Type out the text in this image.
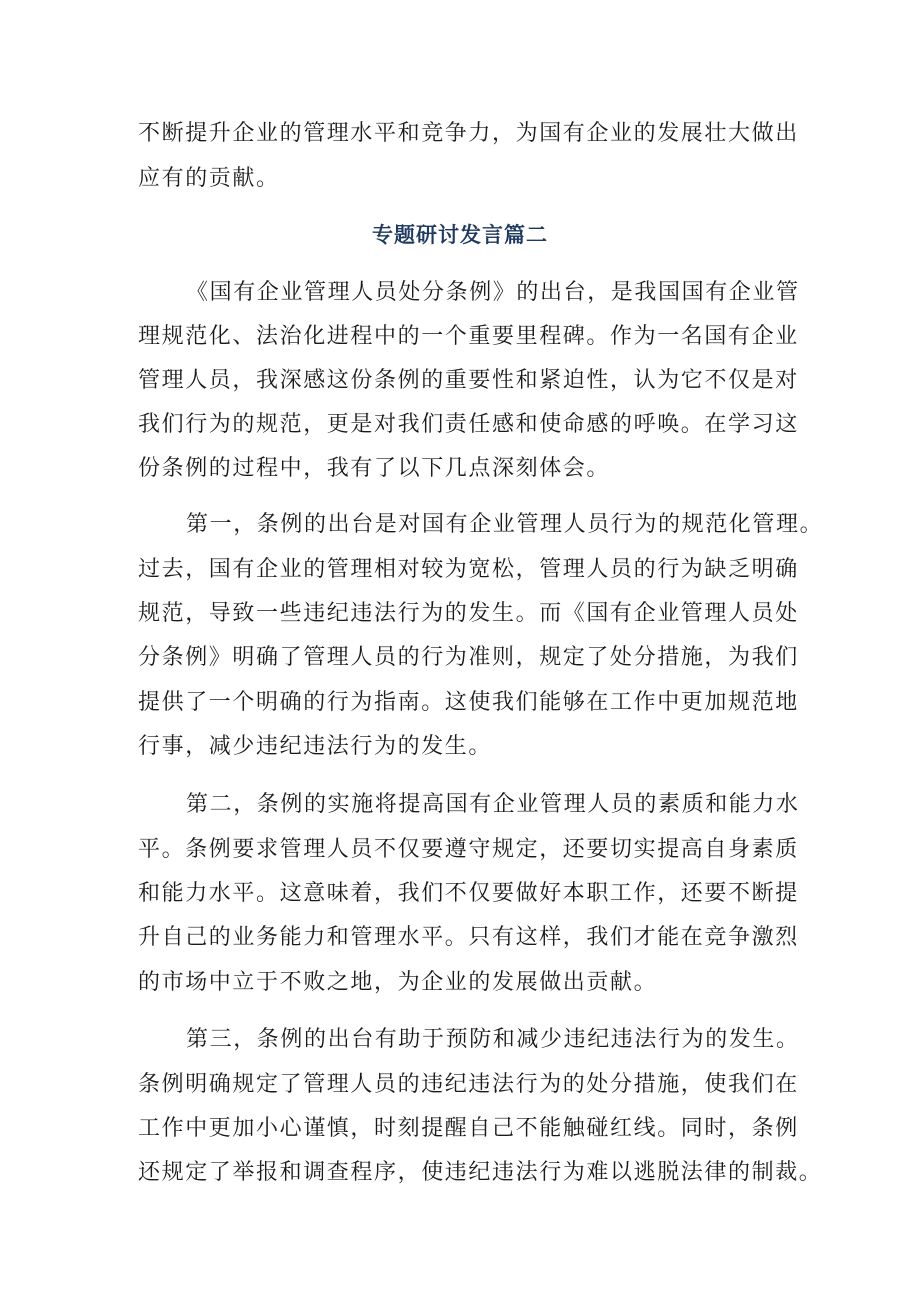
不断提升企业的管理水平和竞争力，为国有企业的发展壮大做出
应有的贡献。
专题研讨发言篇二
《国有企业管理人员处分条例》的出台，是我国国有企业管
理规范化、法治化进程中的一个重要里程碑。作为一名国有企业
管理人员，我深感这份条例的重要性和紧迫性，认为它不仅是对
我们行为的规范，更是对我们责任感和使命感的呼唤。在学习这
份条例的过程中，我有了以下几点深刻体会。
第一，条例的出台是对国有企业管理人员行为的规范化管理。
过去，国有企业的管理相对较为宽松，管理人员的行为缺乏明确
规范，导致一些违纪违法行为的发生。而《国有企业管理人员处
分条例》明确了管理人员的行为准则，规定了处分措施，为我们
提供了一个明确的行为指南。这使我们能够在工作中更加规范地
行事，减少违纪违法行为的发生。
第二，条例的实施将提高国有企业管理人员的素质和能力水
平。条例要求管理人员不仅要遵守规定，还要切实提高自身素质
和能力水平。这意味着，我们不仅要做好本职工作，还要不断提
升自己的业务能力和管理水平。只有这样，我们才能在竞争激烈
的市场中立于不败之地，为企业的发展做出贡献。
第三，条例的出台有助于预防和减少违纪违法行为的发生。
条例明确规定了管理人员的违纪违法行为的处分措施，使我们在
工作中更加小心谨慎，时刻提醒自己不能触碰红线。同时，条例
还规定了举报和调查程序，使违纪违法行为难以逃脱法律的制裁。
